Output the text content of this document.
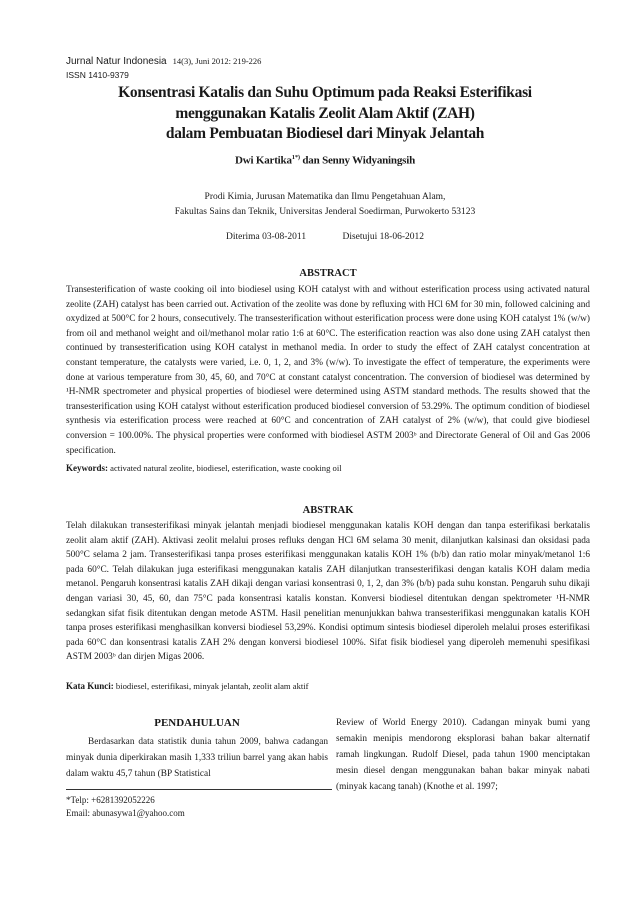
Jurnal Natur Indonesia 14(3), Juni 2012: 219-226
ISSN 1410-9379
Konsentrasi Katalis dan Suhu Optimum pada Reaksi Esterifikasi
menggunakan Katalis Zeolit Alam Aktif (ZAH)
dalam Pembuatan Biodiesel dari Minyak Jelantah
Dwi Kartika$^{1*)}$ dan Senny Widyaningsih
Prodi Kimia, Jurusan Matematika dan Ilmu Pengetahuan Alam,
Fakultas Sains dan Teknik, Universitas Jenderal Soedirman, Purwokerto 53123
Diterima 03-08-2011	Disetujui 18-06-2012
ABSTRACT
Transesterification of waste cooking oil into biodiesel using KOH catalyst with and without esterification process using activated natural zeolite (ZAH) catalyst has been carried out. Activation of the zeolite was done by refluxing with HCl 6M for 30 min, followed calcining and oxydized at 500°C for 2 hours, consecutively. The transesterification without esterification process were done using KOH catalyst 1% (w/w) from oil and methanol weight and oil/methanol molar ratio 1:6 at 60°C. The esterification reaction was also done using ZAH catalyst then continued by transesterification using KOH catalyst in methanol media. In order to study the effect of ZAH catalyst concentration at constant temperature, the catalysts were varied, i.e. 0, 1, 2, and 3% (w/w). To investigate the effect of temperature, the experiments were done at various temperature from 30, 45, 60, and 70°C at constant catalyst concentration. The conversion of biodiesel was determined by ¹H-NMR spectrometer and physical properties of biodiesel were determined using ASTM standard methods. The results showed that the transesterification using KOH catalyst without esterification produced biodiesel conversion of 53.29%. The optimum condition of biodiesel synthesis via esterification process were reached at 60°C and concentration of ZAH catalyst of 2% (w/w), that could give biodiesel conversion = 100.00%. The physical properties were conformed with biodiesel ASTM 2003ᵇ and Directorate General of Oil and Gas 2006 specification.
Keywords: activated natural zeolite, biodiesel, esterification, waste cooking oil
ABSTRAK
Telah dilakukan transesterifikasi minyak jelantah menjadi biodiesel menggunakan katalis KOH dengan dan tanpa esterifikasi berkatalis zeolit alam aktif (ZAH). Aktivasi zeolit melalui proses refluks dengan HCl 6M selama 30 menit, dilanjutkan kalsinasi dan oksidasi pada 500°C selama 2 jam. Transesterifikasi tanpa proses esterifikasi menggunakan katalis KOH 1% (b/b) dan ratio molar minyak/metanol 1:6 pada 60°C. Telah dilakukan juga esterifikasi menggunakan katalis ZAH dilanjutkan transesterifikasi dengan katalis KOH dalam media metanol. Pengaruh konsentrasi katalis ZAH dikaji dengan variasi konsentrasi 0, 1, 2, dan 3% (b/b) pada suhu konstan. Pengaruh suhu dikaji dengan variasi 30, 45, 60, dan 75°C pada konsentrasi katalis konstan. Konversi biodiesel ditentukan dengan spektrometer ¹H-NMR sedangkan sifat fisik ditentukan dengan metode ASTM. Hasil penelitian menunjukkan bahwa transesterifikasi menggunakan katalis KOH tanpa proses esterifikasi menghasilkan konversi biodiesel 53,29%. Kondisi optimum sintesis biodiesel diperoleh melalui proses esterifikasi pada 60°C dan konsentrasi katalis ZAH 2% dengan konversi biodiesel 100%. Sifat fisik biodiesel yang diperoleh memenuhi spesifikasi ASTM 2003ᵇ dan dirjen Migas 2006.
Kata Kunci: biodiesel, esterifikasi, minyak jelantah, zeolit alam aktif
PENDAHULUAN
Berdasarkan data statistik dunia tahun 2009, bahwa cadangan minyak dunia diperkirakan masih 1,333 triliun barrel yang akan habis dalam waktu 45,7 tahun (BP Statistical
Review of World Energy 2010). Cadangan minyak bumi yang semakin menipis mendorong eksplorasi bahan bakar alternatif ramah lingkungan. Rudolf Diesel, pada tahun 1900 menciptakan mesin diesel dengan menggunakan bahan bakar minyak nabati (minyak kacang tanah) (Knothe et al. 1997;
*Telp: +6281392052226
Email: abunasywa1@yahoo.com
